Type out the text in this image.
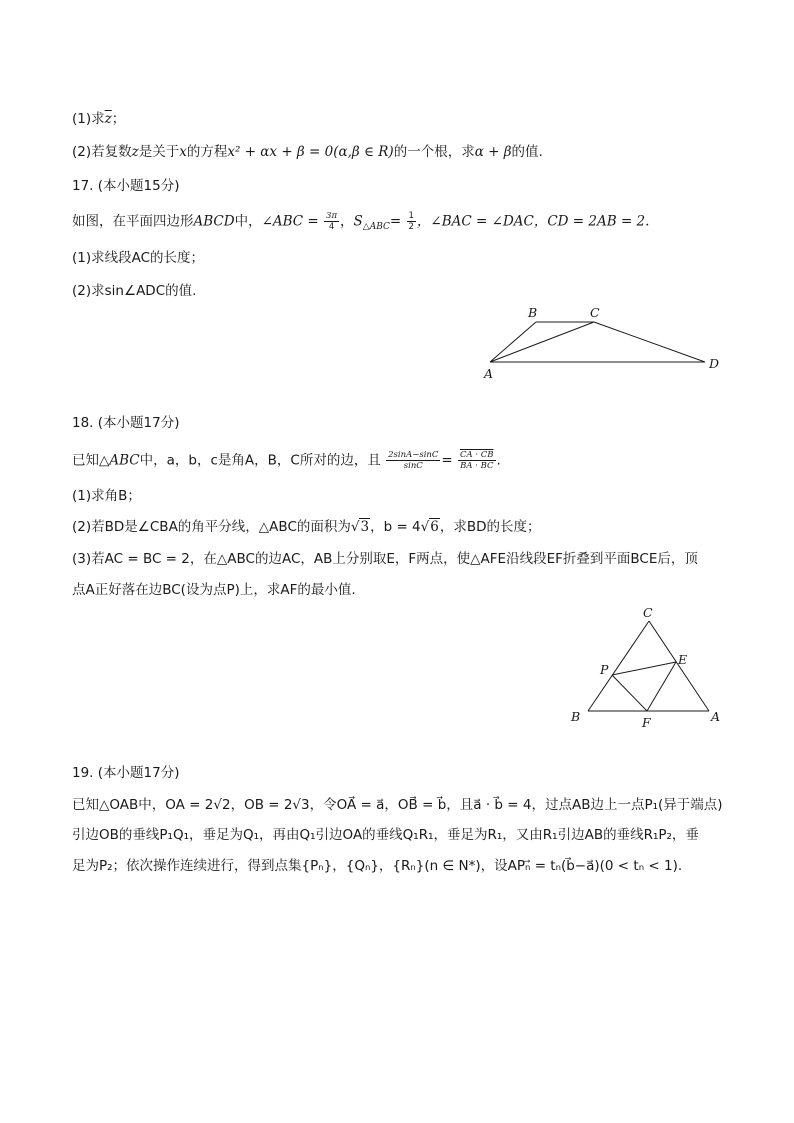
(1)求$\overline{z}$；
(2)若复数z是关于x的方程x² + αx + β = 0(α,β ∈ R)的一个根，求α + β的值.
17. (本小题15分)
如图，在平面四边形ABCD中，∠ABC = $\frac{3\pi}{4}$ ，$S_{\triangle ABC}= \frac{1}{2}$ ，∠BAC = ∠DAC，CD = 2AB = 2.
(1)求线段AC的长度；
(2)求sin∠ADC的值.
A
B	C
D
18. (本小题17分)
已知△ABC中，a，b，c是角A，B，C所对的边，且 $\frac{2\sin A-\sin C}{\sin C} = \frac{CA \cdot CB}{BA \cdot BC}$ .
(1)求角B；
(2)若BD是∠CBA的角平分线，△ABC的面积为√3，b = 4√6，求BD的长度；
(3)若AC = BC = 2，在△ABC的边AC，AB上分别取E，F两点，使△AFE沿线段EF折叠到平面BCE后，顶
点A正好落在边BC(设为点P)上，求AF的最小值.
C
P
E
B	F	A
19. (本小题17分)
已知△OAB中，OA = 2√2，OB = 2√3，令OA⃗ = a⃗，OB⃗ = b⃗，且a⃗ · b⃗ = 4，过点AB边上一点P₁(异于端点)
引边OB的垂线P₁Q₁，垂足为Q₁，再由Q₁引边OA的垂线Q₁R₁，垂足为R₁，又由R₁引边AB的垂线R₁P₂，垂
足为P₂；依次操作连续进行，得到点集{Pₙ}，{Qₙ}，{Rₙ}(n ∈ N*)，设APₙ⃗ = tₙ(b⃗−a⃗)(0 < tₙ < 1).
